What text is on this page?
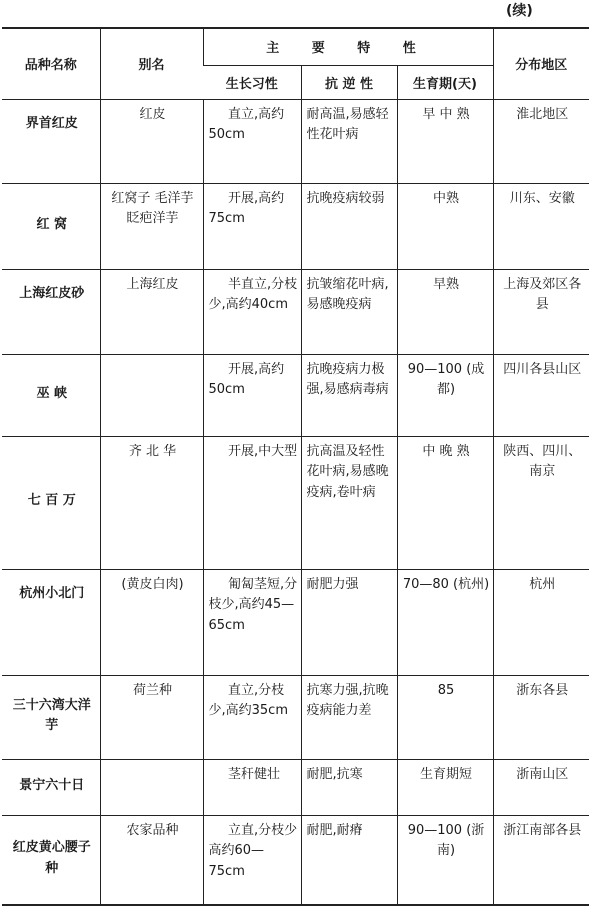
(续)
品种名称	别名	主 要 特 性			分布地区
		生长习性	抗 逆 性	生育期(天)	
界首红皮	红皮	直立,高约50cm	耐高温,易感轻性花叶病	早 中 熟	淮北地区
红 窝	红窝子 毛洋芋 眨疤洋芋	开展,高约75cm	抗晚疫病较弱	中熟	川东、安徽
上海红皮砂	上海红皮	半直立,分枝少,高约40cm	抗皱缩花叶病,易感晚疫病	早熟	上海及郊区各县
巫 峡		开展,高约50cm	抗晚疫病力极强,易感病毒病	90—100 (成都)	四川各县山区
七 百 万	齐 北 华	开展,中大型	抗高温及轻性花叶病,易感晚疫病,卷叶病	中 晚 熟	陕西、四川、南京
杭州小北门	(黄皮白肉)	匍匐茎短,分枝少,高约45—65cm	耐肥力强	70—80 (杭州)	杭州
三十六湾大洋芋	荷兰种	直立,分枝少,高约35cm	抗寒力强,抗晚疫病能力差	85	浙东各县
景宁六十日		茎秆健壮	耐肥,抗寒	生育期短	浙南山区
红皮黄心腰子种	农家品种	立直,分枝少高约60—75cm	耐肥,耐瘠	90—100 (浙南)	浙江南部各县
